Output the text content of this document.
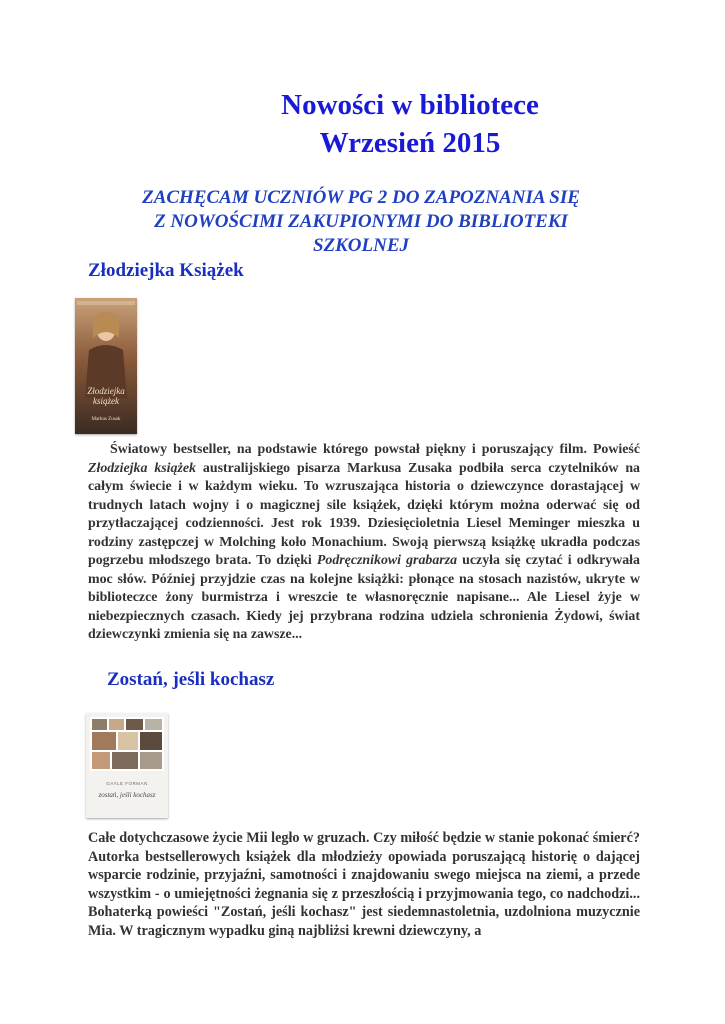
Nowości w bibliotece
Wrzesień 2015

ZACHĘCAM UCZNIÓW PG 2 DO ZAPOZNANIA SIĘ

Z NOWOŚCIMI ZAKUPIONYMI DO BIBLIOTEKI

SZKOLNEJ

Złodziejka Książek
Złodziejka
książek
Markus Zusak

Światowy bestseller, na podstawie którego powstał piękny i poruszający film. Powieść Złodziejka książek australijskiego pisarza Markusa Zusaka podbiła serca czytelników na całym świecie i w każdym wieku. To wzruszająca historia o dziewczynce dorastającej w trudnych latach wojny i o magicznej sile książek, dzięki którym można oderwać się od przytłaczającej codzienności. Jest rok 1939. Dziesięcioletnia Liesel Meminger mieszka u rodziny zastępczej w Molching koło Monachium. Swoją pierwszą książkę ukradła podczas pogrzebu młodszego brata. To dzięki Podręcznikowi grabarza uczyła się czytać i odkrywała moc słów. Później przyjdzie czas na kolejne książki: płonące na stosach nazistów, ukryte w biblioteczce żony burmistrza i wreszcie te własnoręcznie napisane... Ale Liesel żyje w niebezpiecznych czasach. Kiedy jej przybrana rodzina udziela schronienia Żydowi, świat dziewczynki zmienia się na zawsze...

Zostań, jeśli kochasz
GAYLE FORMAN
zostań, jeśli kochasz

Całe dotychczasowe życie Mii legło w gruzach. Czy miłość będzie w stanie pokonać śmierć? Autorka bestsellerowych książek dla młodzieży opowiada poruszającą historię o dającej wsparcie rodzinie, przyjaźni, samotności i znajdowaniu swego miejsca na ziemi, a przede wszystkim - o umiejętności żegnania się z przeszłością i przyjmowania tego, co nadchodzi... Bohaterką powieści "Zostań, jeśli kochasz" jest siedemnastoletnia, uzdolniona muzycznie Mia. W tragicznym wypadku giną najbliżsi krewni dziewczyny, a
